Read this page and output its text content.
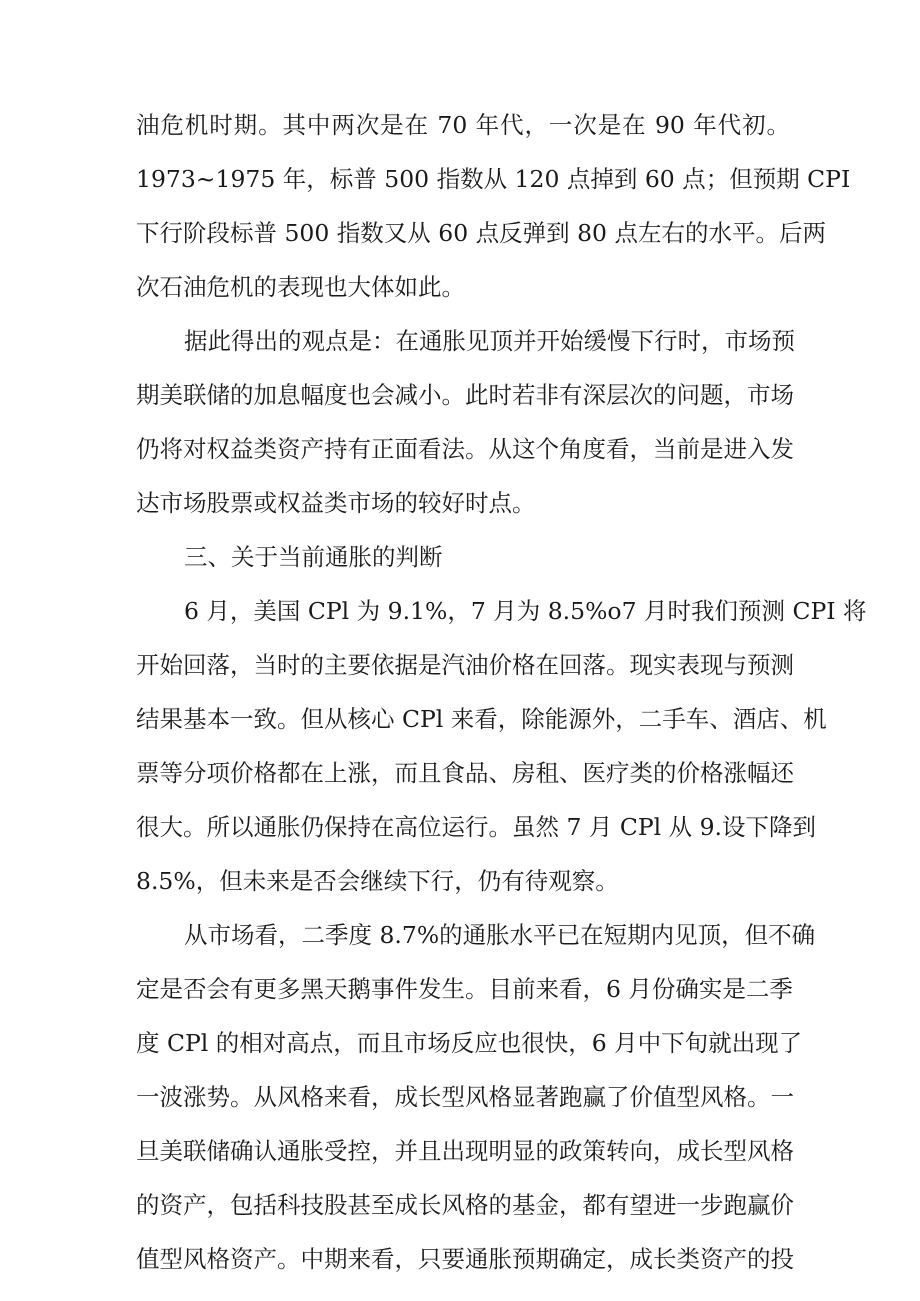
油危机时期。其中两次是在 70 年代，一次是在 90 年代初。
1973~1975 年，标普 500 指数从 120 点掉到 60 点；但预期 CPI
下行阶段标普 500 指数又从 60 点反弹到 80 点左右的水平。后两
次石油危机的表现也大体如此。
据此得出的观点是：在通胀见顶并开始缓慢下行时，市场预
期美联储的加息幅度也会减小。此时若非有深层次的问题，市场
仍将对权益类资产持有正面看法。从这个角度看，当前是进入发
达市场股票或权益类市场的较好时点。
三、关于当前通胀的判断
6 月，美国 CPl 为 9.1%，7 月为 8.5%o7 月时我们预测 CPI 将
开始回落，当时的主要依据是汽油价格在回落。现实表现与预测
结果基本一致。但从核心 CPl 来看，除能源外，二手车、酒店、机
票等分项价格都在上涨，而且食品、房租、医疗类的价格涨幅还
很大。所以通胀仍保持在高位运行。虽然 7 月 CPl 从 9.设下降到
8.5%，但未来是否会继续下行，仍有待观察。
从市场看，二季度 8.7%的通胀水平已在短期内见顶，但不确
定是否会有更多黑天鹅事件发生。目前来看，6 月份确实是二季
度 CPl 的相对高点，而且市场反应也很快，6 月中下旬就出现了
一波涨势。从风格来看，成长型风格显著跑赢了价值型风格。一
旦美联储确认通胀受控，并且出现明显的政策转向，成长型风格
的资产，包括科技股甚至成长风格的基金，都有望进一步跑赢价
值型风格资产。中期来看，只要通胀预期确定，成长类资产的投
